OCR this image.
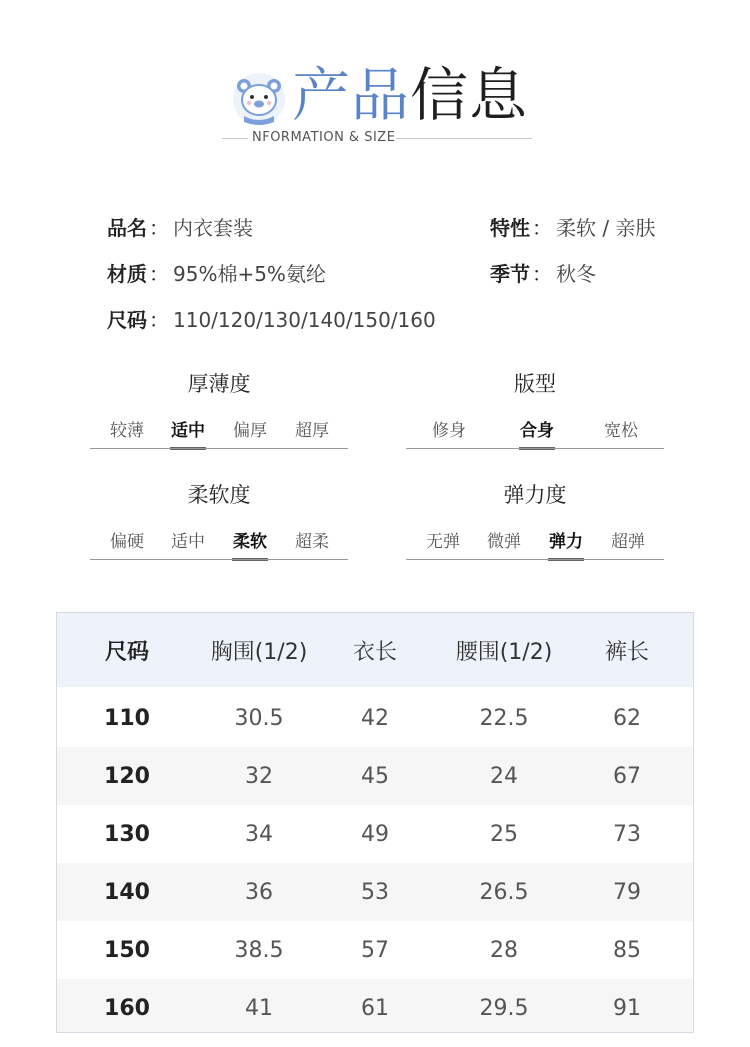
产品信息
NFORMATION & SIZE
品名 ： 内衣套装	特性 ： 柔软 / 亲肤
材质 ： 95%棉+5%氨纶	季节 ： 秋冬
尺码 ： 110/120/130/140/150/160
厚薄度
较薄 适中 偏厚 超厚
版型
修身	合身	宽松
柔软度
偏硬 适中 柔软 超柔
弹力度
无弹 微弹 弹力 超弹
尺码	胸围(1/2) 衣长	腰围(1/2) 裤长
110	30.5	42	22.5	62
120	32	45	24	67
130	34	49	25	73
140	36	53	26.5	79
150	38.5	57	28	85
160	41	61	29.5	91
